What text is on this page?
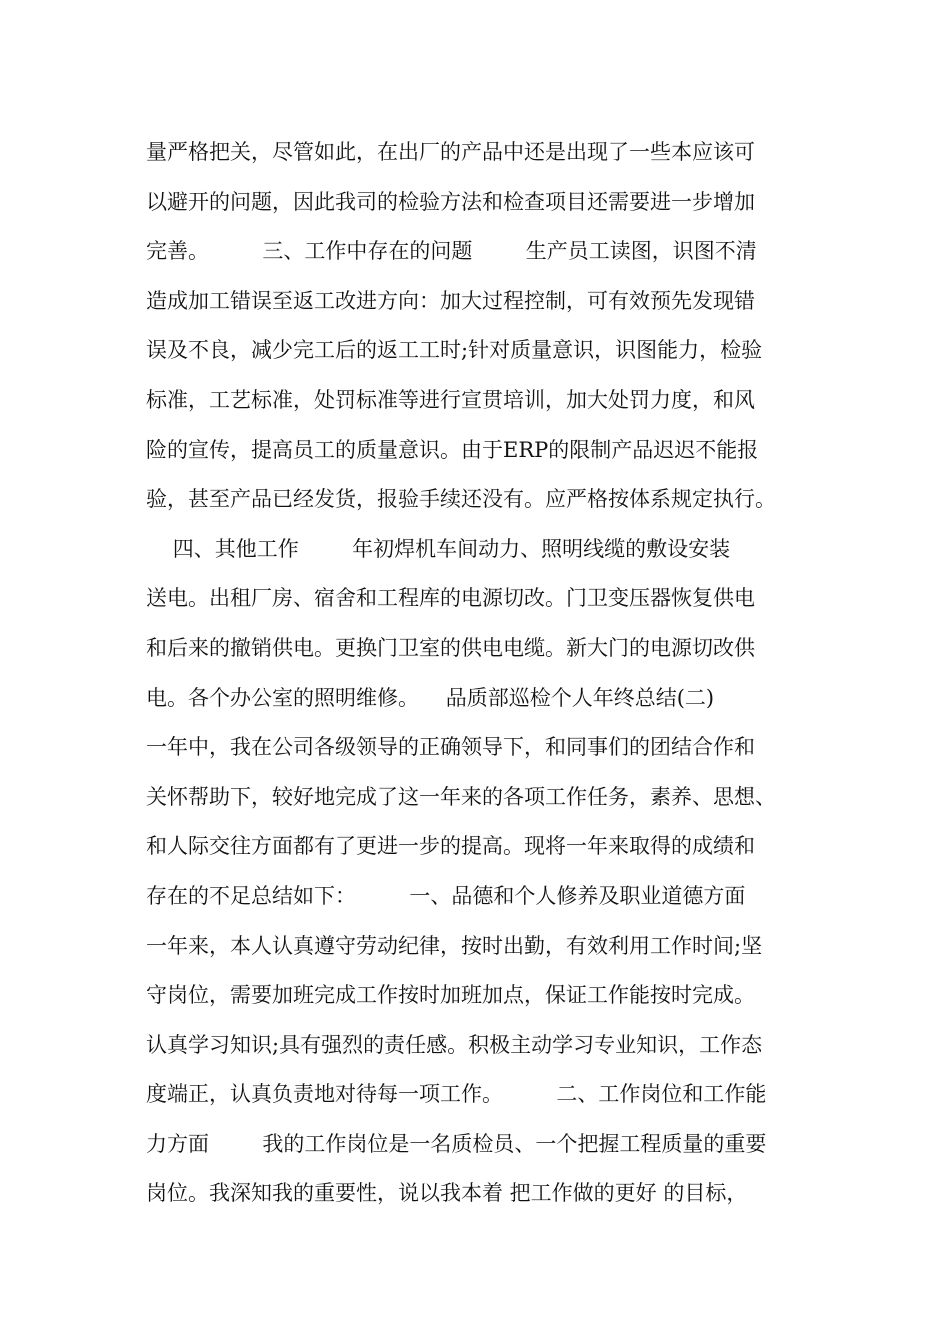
量严格把关，尽管如此，在出厂的产品中还是出现了一些本应该可
以避开的问题，因此我司的检验方法和检查项目还需要进一步增加
完善。        三、工作中存在的问题        生产员工读图，识图不清
造成加工错误至返工改进方向：加大过程控制，可有效预先发现错
误及不良，减少完工后的返工工时;针对质量意识，识图能力，检验
标准，工艺标准，处罚标准等进行宣贯培训，加大处罚力度，和风
险的宣传，提高员工的质量意识。由于ERP的限制产品迟迟不能报
验，甚至产品已经发货，报验手续还没有。应严格按体系规定执行。
四、其他工作        年初焊机车间动力、照明线缆的敷设安装
送电。出租厂房、宿舍和工程库的电源切改。门卫变压器恢复供电
和后来的撤销供电。更换门卫室的供电电缆。新大门的电源切改供
电。各个办公室的照明维修。    品质部巡检个人年终总结(二)
一年中，我在公司各级领导的正确领导下，和同事们的团结合作和
关怀帮助下，较好地完成了这一年来的各项工作任务，素养、思想、
和人际交往方面都有了更进一步的提高。现将一年来取得的成绩和
存在的不足总结如下：        一、品德和个人修养及职业道德方面
一年来，本人认真遵守劳动纪律，按时出勤，有效利用工作时间;坚
守岗位，需要加班完成工作按时加班加点，保证工作能按时完成。
认真学习知识;具有强烈的责任感。积极主动学习专业知识，工作态
度端正，认真负责地对待每一项工作。        二、工作岗位和工作能
力方面        我的工作岗位是一名质检员、一个把握工程质量的重要
岗位。我深知我的重要性，说以我本着 把工作做的更好 的目标，
